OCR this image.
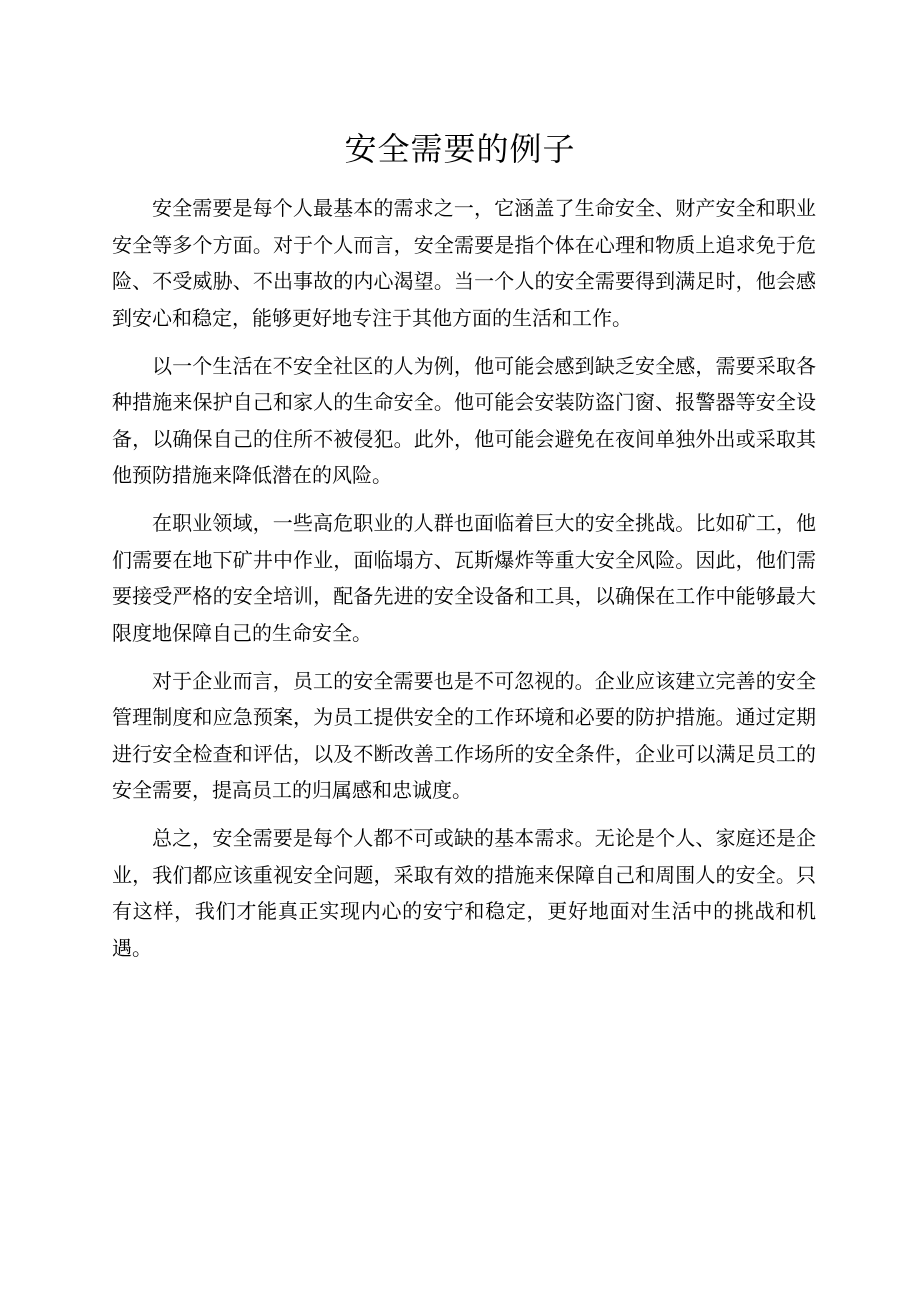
安全需要的例子

安全需要是每个人最基本的需求之一，它涵盖了生命安全、财产安全和职业安全等多个方面。对于个人而言，安全需要是指个体在心理和物质上追求免于危险、不受威胁、不出事故的内心渴望。当一个人的安全需要得到满足时，他会感到安心和稳定，能够更好地专注于其他方面的生活和工作。

以一个生活在不安全社区的人为例，他可能会感到缺乏安全感，需要采取各种措施来保护自己和家人的生命安全。他可能会安装防盗门窗、报警器等安全设备，以确保自己的住所不被侵犯。此外，他可能会避免在夜间单独外出或采取其他预防措施来降低潜在的风险。

在职业领域，一些高危职业的人群也面临着巨大的安全挑战。比如矿工，他们需要在地下矿井中作业，面临塌方、瓦斯爆炸等重大安全风险。因此，他们需要接受严格的安全培训，配备先进的安全设备和工具，以确保在工作中能够最大限度地保障自己的生命安全。

对于企业而言，员工的安全需要也是不可忽视的。企业应该建立完善的安全管理制度和应急预案，为员工提供安全的工作环境和必要的防护措施。通过定期进行安全检查和评估，以及不断改善工作场所的安全条件，企业可以满足员工的安全需要，提高员工的归属感和忠诚度。

总之，安全需要是每个人都不可或缺的基本需求。无论是个人、家庭还是企业，我们都应该重视安全问题，采取有效的措施来保障自己和周围人的安全。只有这样，我们才能真正实现内心的安宁和稳定，更好地面对生活中的挑战和机遇。
